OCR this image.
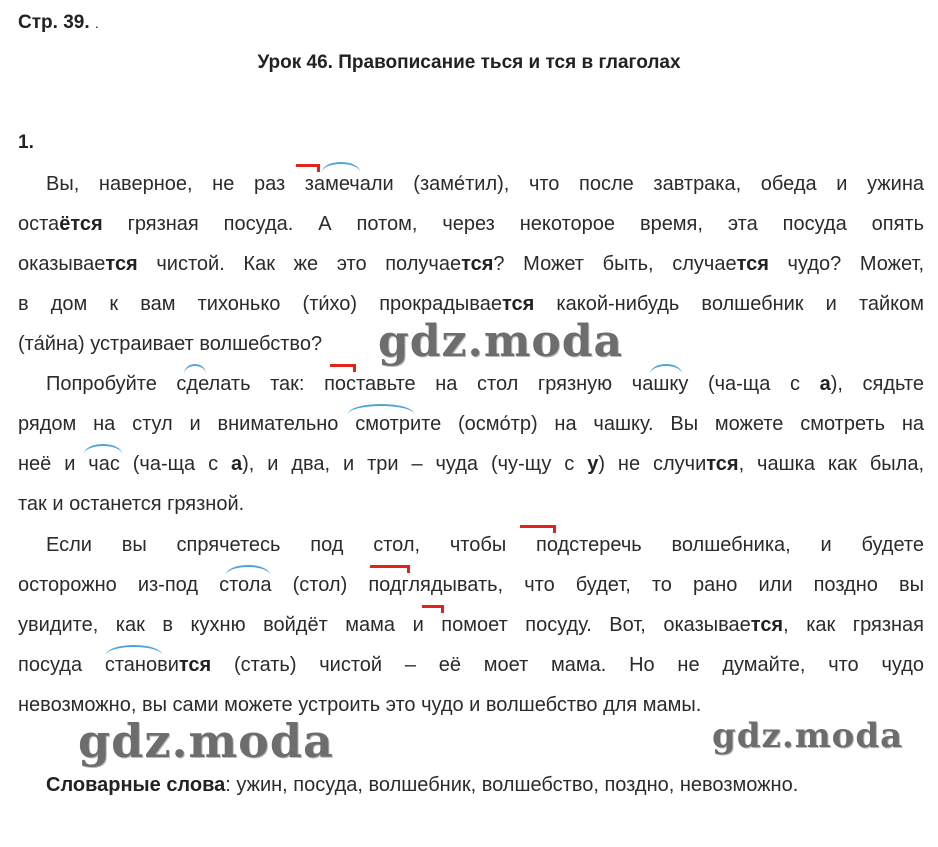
Стр. 39. .
Урок 46. Правописание ться и тся в глаголах
1.
Вы, наверное, не раз замечали (заме́тил), что после завтрака, обеда и ужина
остаётся грязная посуда. А потом, через некоторое время, эта посуда опять
оказывается чистой. Как же это получается? Может быть, случается чудо? Может,
в дом к вам тихонько (ти́хо) прокрадывается какой-нибудь волшебник и тайком
(та́йна) устраивает волшебство?
Попробуйте сделать так: поставьте на стол грязную чашку (ча-ща с а), сядьте
рядом на стул и внимательно смотрите (осмо́тр) на чашку. Вы можете смотреть на
неё и час (ча-ща с а), и два, и три – чуда (чу-щу с у) не случится, чашка как была,
так и останется грязной.
Если вы спрячетесь под стол, чтобы подстеречь волшебника, и будете
осторожно из-под стола (стол) подглядывать, что будет, то рано или поздно вы
увидите, как в кухню войдёт мама и помоет посуду. Вот, оказывается, как грязная
посуда становится (стать) чистой – её моет мама. Но не думайте, что чудо
невозможно, вы сами можете устроить это чудо и волшебство для мамы.
Словарные слова: ужин, посуда, волшебник, волшебство, поздно, невозможно.
gdz.moda
gdz.moda	gdz.moda
